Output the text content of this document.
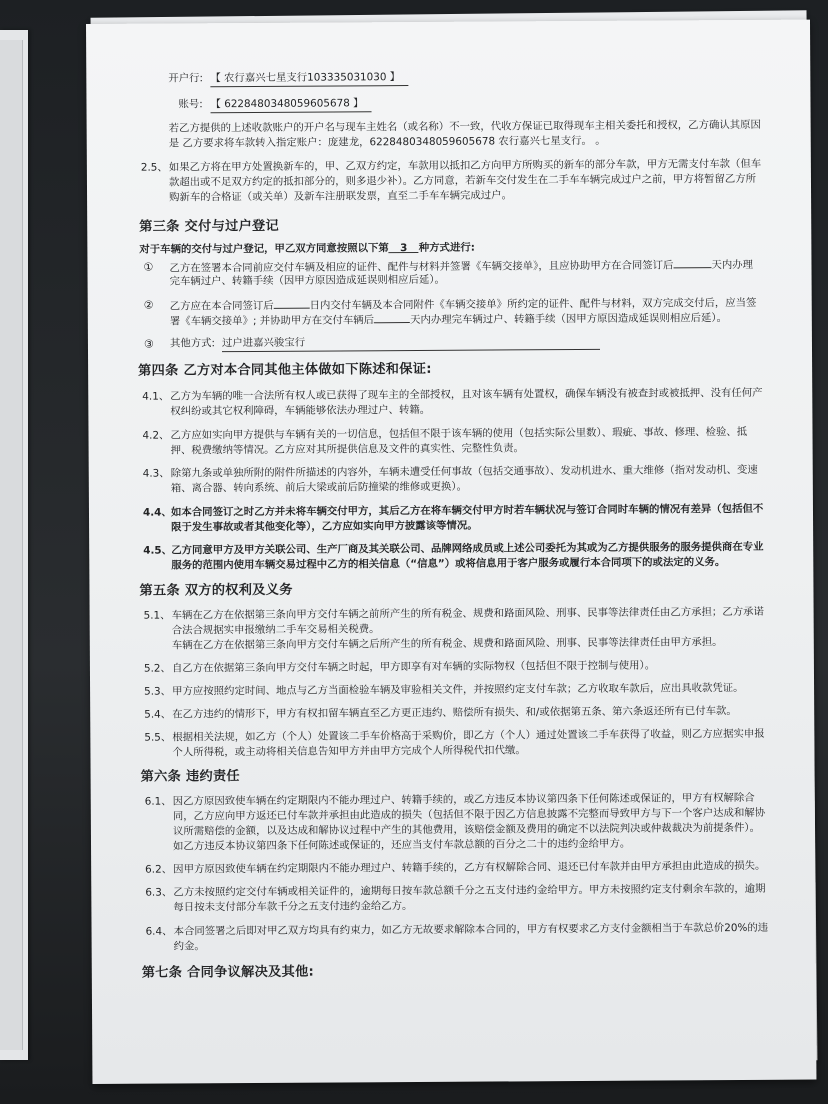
开户行: 【 农行嘉兴七星支行103335031030 】
账号: 【 6228480348059605678 】
若乙方提供的上述收款账户的开户名与现车主姓名（或名称）不一致，代收方保证已取得现车主相关委托和授权，乙方确认其原因
是 乙方要求将车款转入指定账户：庞建龙，6228480348059605678 农行嘉兴七星支行。 。
2.5、 如果乙方将在甲方处置换新车的，甲、乙双方约定，车款用以抵扣乙方向甲方所购买的新车的部分车款，甲方无需支付车款（但车
款超出或不足双方约定的抵扣部分的，则多退少补）。乙方同意，若新车交付发生在二手车车辆完成过户之前，甲方将暂留乙方所
购新车的合格证（或关单）及新车注册联发票，直至二手车车辆完成过户。
第三条 交付与过户登记
对于车辆的交付与过户登记，甲乙双方同意按照以下第 3 种方式进行:
① 乙方在签署本合同前应交付车辆及相应的证件、配件与材料并签署《车辆交接单》，且应协助甲方在合同签订后	天内办理
完车辆过户、转籍手续（因甲方原因造成延误则相应后延）。
② 乙方应在本合同签订后	日内交付车辆及本合同附件《车辆交接单》所约定的证件、配件与材料，双方完成交付后，应当签
署《车辆交接单》; 并协助甲方在交付车辆后	天内办理完车辆过户、转籍手续（因甲方原因造成延误则相应后延）。
③ 其他方式: 过户进嘉兴骏宝行
第四条 乙方对本合同其他主体做如下陈述和保证:
4.1、 乙方为车辆的唯一合法所有权人或已获得了现车主的全部授权，且对该车辆有处置权，确保车辆没有被查封或被抵押、没有任何产
权纠纷或其它权利障碍，车辆能够依法办理过户、转籍。
4.2、 乙方应如实向甲方提供与车辆有关的一切信息，包括但不限于该车辆的使用（包括实际公里数）、瑕疵、事故、修理、检验、抵
押、税费缴纳等情况。乙方应对其所提供信息及文件的真实性、完整性负责。
4.3、 除第九条或单独所附的附件所描述的内容外，车辆未遭受任何事故（包括交通事故）、发动机进水、重大维修（指对发动机、变速
箱、离合器、转向系统、前后大梁或前后防撞梁的维修或更换）。
4.4、 如本合同签订之时乙方并未将车辆交付甲方，其后乙方在将车辆交付甲方时若车辆状况与签订合同时车辆的情况有差异（包括但不
限于发生事故或者其他变化等），乙方应如实向甲方披露该等情况。
4.5、 乙方同意甲方及甲方关联公司、生产厂商及其关联公司、品牌网络成员或上述公司委托为其或为乙方提供服务的服务提供商在专业
服务的范围内使用车辆交易过程中乙方的相关信息（“信息”）或将信息用于客户服务或履行本合同项下的或法定的义务。
第五条 双方的权利及义务
5.1、 车辆在乙方在依据第三条向甲方交付车辆之前所产生的所有税金、规费和路面风险、刑事、民事等法律责任由乙方承担；乙方承诺
合法合规据实申报缴纳二手车交易相关税费。
车辆在乙方在依据第三条向甲方交付车辆之后所产生的所有税金、规费和路面风险、刑事、民事等法律责任由甲方承担。
5.2、 自乙方在依据第三条向甲方交付车辆之时起，甲方即享有对车辆的实际物权（包括但不限于控制与使用）。
5.3、 甲方应按照约定时间、地点与乙方当面检验车辆及审验相关文件，并按照约定支付车款；乙方收取车款后，应出具收款凭证。
5.4、 在乙方违约的情形下，甲方有权扣留车辆直至乙方更正违约、赔偿所有损失、和/或依据第五条、第六条返还所有已付车款。
5.5、 根据相关法规，如乙方（个人）处置该二手车价格高于采购价，即乙方（个人）通过处置该二手车获得了收益，则乙方应据实申报
个人所得税，或主动将相关信息告知甲方并由甲方完成个人所得税代扣代缴。
第六条 违约责任
6.1、 因乙方原因致使车辆在约定期限内不能办理过户、转籍手续的，或乙方违反本协议第四条下任何陈述或保证的，甲方有权解除合
同，乙方应向甲方返还已付车款并承担由此造成的损失（包括但不限于因乙方信息披露不完整而导致甲方与下一个客户达成和解协
议所需赔偿的金额，以及达成和解协议过程中产生的其他费用，该赔偿金额及费用的确定不以法院判决或仲裁裁决为前提条件）。
如乙方违反本协议第四条下任何陈述或保证的，还应当支付车款总额的百分之二十的违约金给甲方。
6.2、 因甲方原因致使车辆在约定期限内不能办理过户、转籍手续的，乙方有权解除合同、退还已付车款并由甲方承担由此造成的损失。
6.3、 乙方未按照约定交付车辆或相关证件的，逾期每日按车款总额千分之五支付违约金给甲方。甲方未按照约定支付剩余车款的，逾期
每日按未支付部分车款千分之五支付违约金给乙方。
6.4、 本合同签署之后即对甲乙双方均具有约束力，如乙方无故要求解除本合同的，甲方有权要求乙方支付金额相当于车款总价20%的违
约金。
第七条 合同争议解决及其他:
